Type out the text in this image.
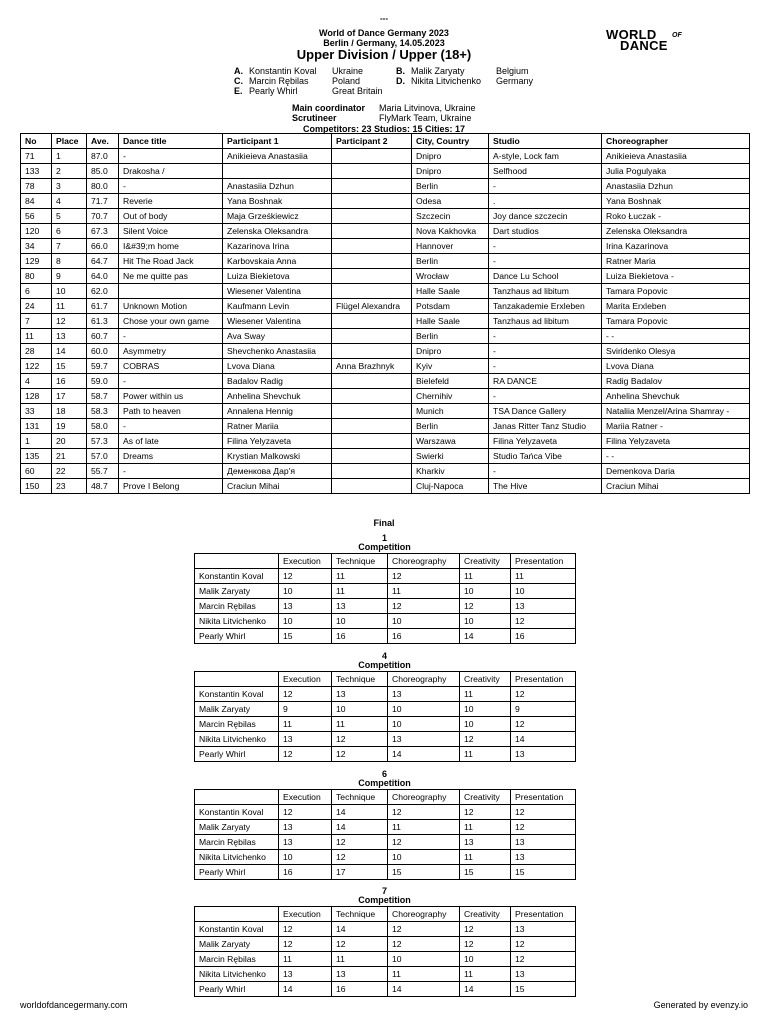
---
World of Dance Germany 2023
Berlin / Germany, 14.05.2023
Upper Division / Upper (18+)
WORLD OF
DANCE
A. Konstantin Koval Ukraine	B. Malik Zaryaty	Belgium
C. Marcin Rębilas	Poland	D. Nikita Litvichenko Germany
E. Pearly Whirl	Great Britain
Main coordinator Maria Litvinova, Ukraine
Scrutineer	FlyMark Team, Ukraine
Competitors: 23 Studios: 15 Cities: 17
No	Place	Ave.	Dance title	Participant 1	Participant 2	City, Country	Studio	Choreographer
71	1	87.0	-	Anikieieva Anastasiia		Dnipro	A-style, Lock fam	Anikieieva Anastasiia
133	2	85.0	Drakosha /			Dnipro	Selfhood	Julia Pogulyaka
78	3	80.0	-	Anastasiia Dzhun		Berlin	-	Anastasiia Dzhun
84	4	71.7	Reverie	Yana Boshnak		Odesa	.	Yana Boshnak
56	5	70.7	Out of body	Maja Grześkiewicz		Szczecin	Joy dance szczecin	Roko Łuczak -
120	6	67.3	Silent Voice	Zelenska Oleksandra		Nova Kakhovka	Dart studios	Zelenska Oleksandra
34	7	66.0	I&#39;m home	Kazarinova Irina		Hannover	-	Irina Kazarinova
129	8	64.7	Hit The Road Jack	Karbovskaia Anna		Berlin	-	Ratner Maria
80	9	64.0	Ne me quitte pas	Luiza Biekietova		Wrocław	Dance Lu School	Luiza Biekietova -
6	10	62.0		Wiesener Valentina		Halle Saale	Tanzhaus ad libitum	Tamara Popovic
24	11	61.7	Unknown Motion	Kaufmann Levin	Flügel Alexandra	Potsdam	Tanzakademie Erxleben	Marita Erxleben
7	12	61.3	Chose your own game	Wiesener Valentina		Halle Saale	Tanzhaus ad libitum	Tamara Popovic
11	13	60.7	-	Ava Sway		Berlin	-	- -
28	14	60.0	Asymmetry	Shevchenko Anastasiia		Dnipro	-	Sviridenko Olesya
122	15	59.7	COBRAS	Lvova Diana	Anna Brazhnyk	Kyiv	-	Lvova Diana
4	16	59.0	-	Badalov Radig		Bielefeld	RA DANCE	Radig Badalov
128	17	58.7	Power within us	Anhelina Shevchuk		Chernihiv	-	Anhelina Shevchuk
33	18	58.3	Path to heaven	Annalena Hennig		Munich	TSA Dance Gallery	Nataliia Menzel/Arina Shamray -
131	19	58.0	-	Ratner Mariia		Berlin	Janas Ritter Tanz Studio	Mariia Ratner -
1	20	57.3	As of late	Filina Yelyzaveta		Warszawa	Filina Yelyzaveta	Filina Yelyzaveta
135	21	57.0	Dreams	Krystian Malkowski		Swierki	Studio Tańca Vibe	- -
60	22	55.7	-	Деменкова Дар'я		Kharkiv	-	Demenkova Daria
150	23	48.7	Prove I Belong	Craciun Mihai		Cluj-Napoca	The Hive	Craciun Mihai
Final
1
Competition
	Execution	Technique	Choreography	Creativity	Presentation
Konstantin Koval	12	11	12	11	11
Malik Zaryaty	10	11	11	10	10
Marcin Rębilas	13	13	12	12	13
Nikita Litvichenko	10	10	10	10	12
Pearly Whirl	15	16	16	14	16
4
Competition
	Execution	Technique	Choreography	Creativity	Presentation
Konstantin Koval	12	13	13	11	12
Malik Zaryaty	9	10	10	10	9
Marcin Rębilas	11	11	10	10	12
Nikita Litvichenko	13	12	13	12	14
Pearly Whirl	12	12	14	11	13
6
Competition
	Execution	Technique	Choreography	Creativity	Presentation
Konstantin Koval	12	14	12	12	12
Malik Zaryaty	13	14	11	11	12
Marcin Rębilas	13	12	12	13	13
Nikita Litvichenko	10	12	10	11	13
Pearly Whirl	16	17	15	15	15
7
Competition
	Execution	Technique	Choreography	Creativity	Presentation
Konstantin Koval	12	14	12	12	13
Malik Zaryaty	12	12	12	12	12
Marcin Rębilas	11	11	10	10	12
Nikita Litvichenko	13	13	11	11	13
Pearly Whirl	14	16	14	14	15
worldofdancegermany.com	Generated by evenzy.io
